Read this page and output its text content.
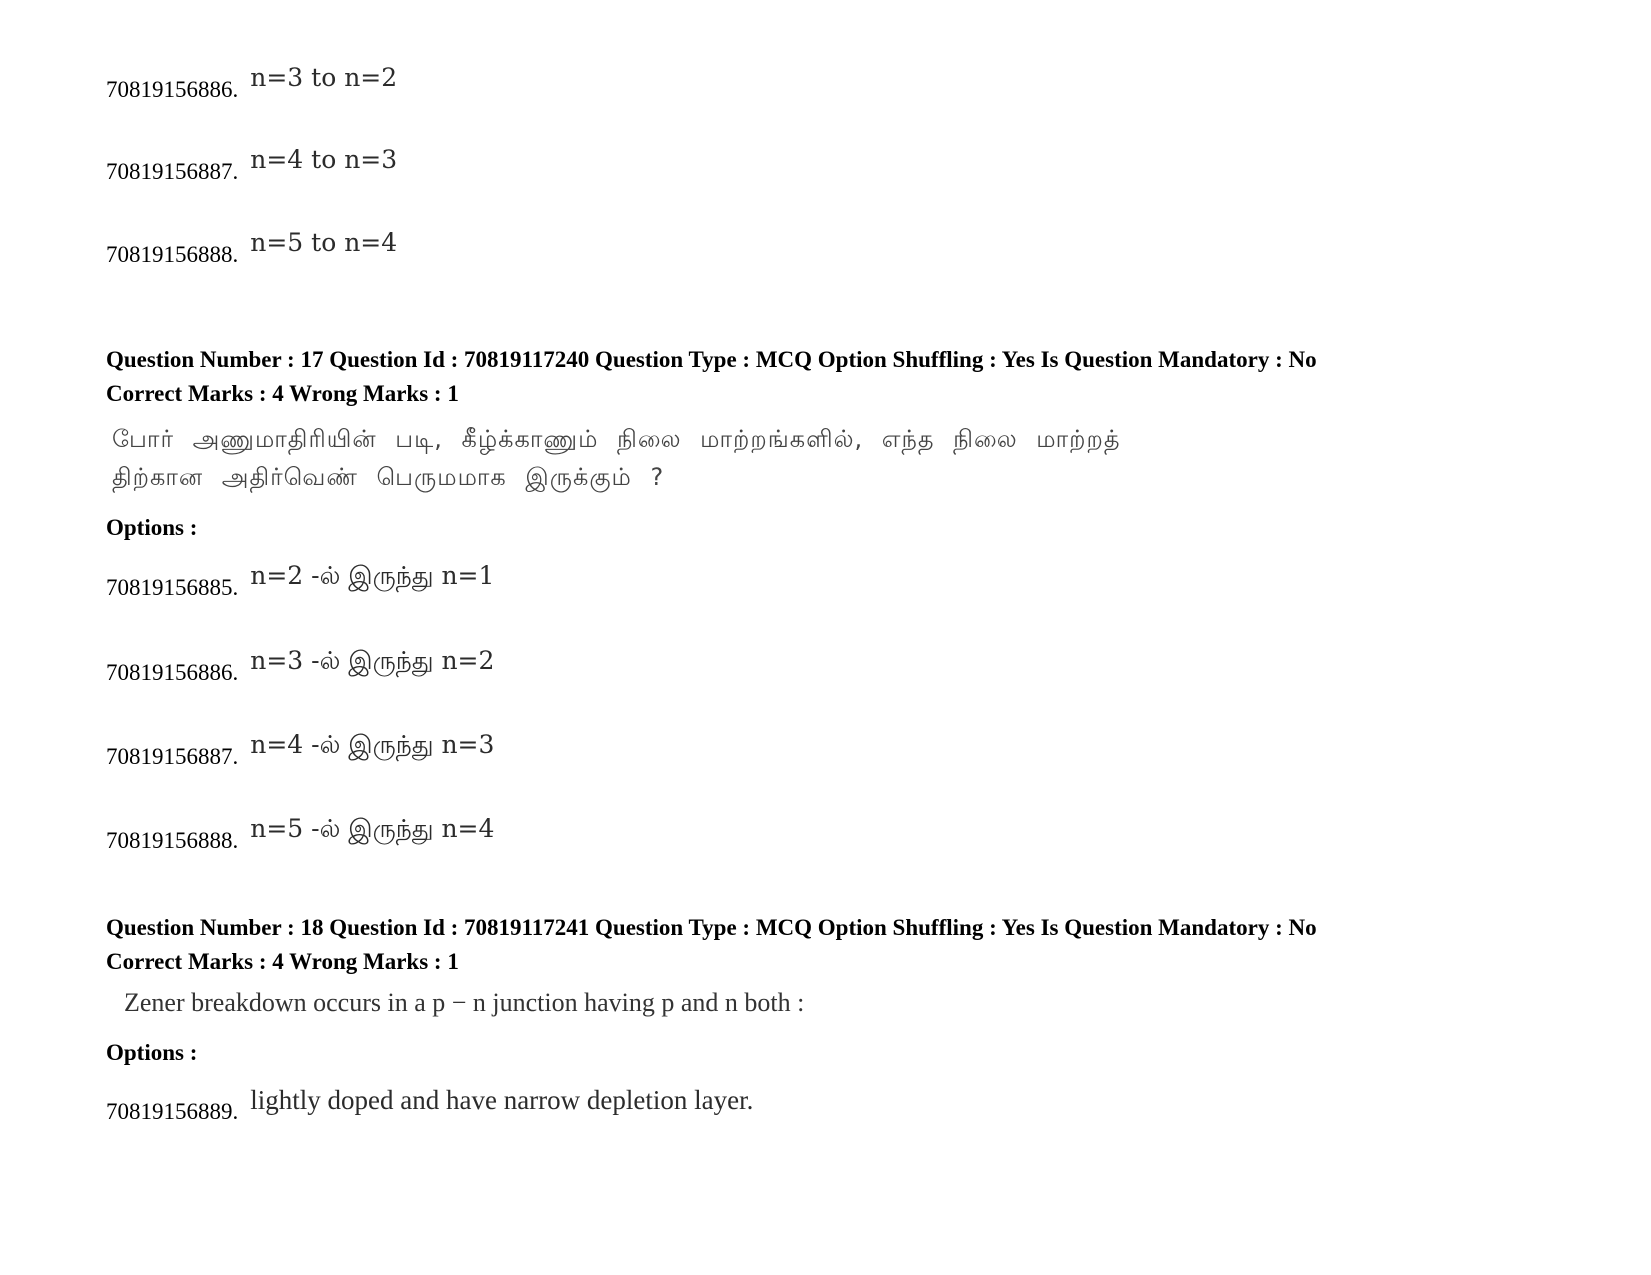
70819156886. n=3 to n=2
70819156887. n=4 to n=3
70819156888. n=5 to n=4
Question Number : 17 Question Id : 70819117240 Question Type : MCQ Option Shuffling : Yes Is Question Mandatory : No
Correct Marks : 4 Wrong Marks : 1
போர் அணுமாதிரியின் படி, கீழ்க்காணும் நிலை மாற்றங்களில், எந்த நிலை மாற்றத்
திற்கான அதிர்வெண் பெருமமாக இருக்கும் ?
Options :
70819156885. n=2 -ல் இருந்து n=1
70819156886. n=3 -ல் இருந்து n=2
70819156887. n=4 -ல் இருந்து n=3
70819156888. n=5 -ல் இருந்து n=4
Question Number : 18 Question Id : 70819117241 Question Type : MCQ Option Shuffling : Yes Is Question Mandatory : No
Correct Marks : 4 Wrong Marks : 1
Zener breakdown occurs in a p − n junction having p and n both :
Options :
70819156889. lightly doped and have narrow depletion layer.
